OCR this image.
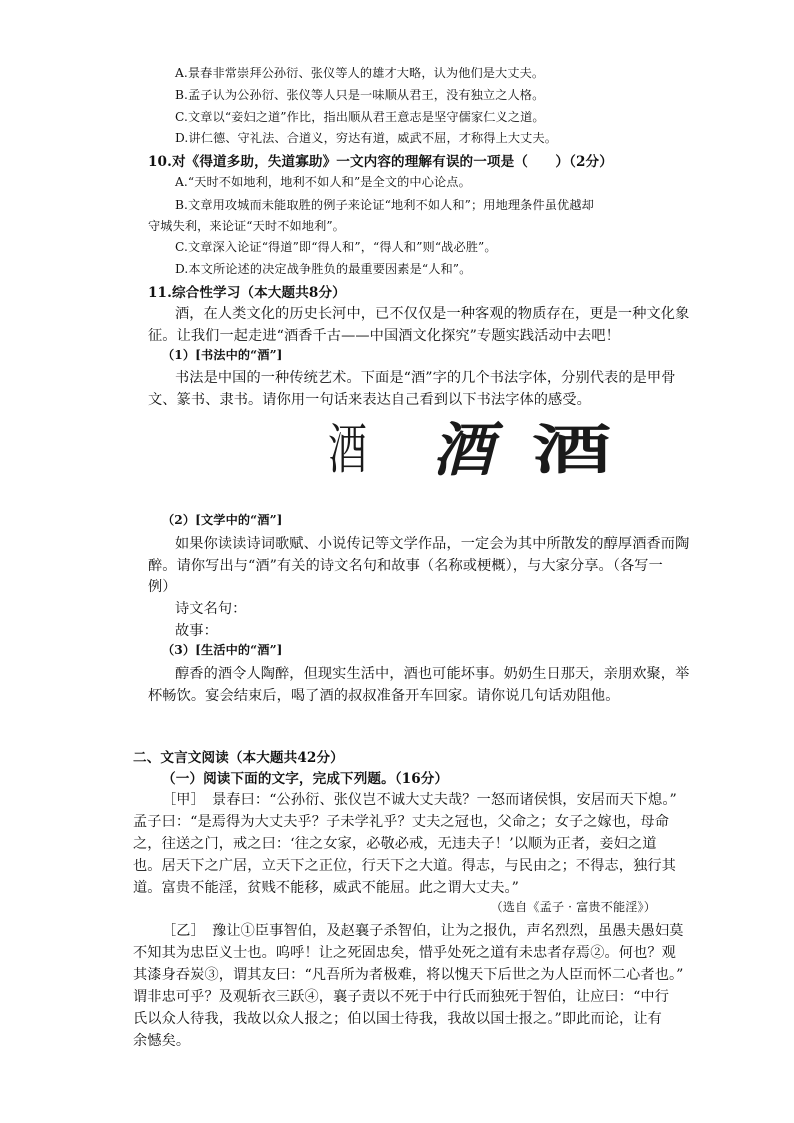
A.景春非常崇拜公孙衍、张仪等人的雄才大略，认为他们是大丈夫。
B.孟子认为公孙衍、张仪等人只是一味顺从君王，没有独立之人格。
C.文章以“妾妇之道”作比，指出顺从君王意志是坚守儒家仁义之道。
D.讲仁德、守礼法、合道义，穷达有道，威武不屈，才称得上大丈夫。
10.对《得道多助，失道寡助》一文内容的理解有误的一项是（　　）（2分）
A.“天时不如地利，地利不如人和”是全文的中心论点。
B.文章用攻城而未能取胜的例子来论证“地利不如人和”；用地理条件虽优越却
守城失利，来论证“天时不如地利”。
C.文章深入论证“得道”即“得人和”，“得人和”则“战必胜”。
D.本文所论述的决定战争胜负的最重要因素是“人和”。
11.综合性学习（本大题共8分）
酒，在人类文化的历史长河中，已不仅仅是一种客观的物质存在，更是一种文化象
征。让我们一起走进“酒香千古——中国酒文化探究”专题实践活动中去吧！
（1）[书法中的“酒”]
书法是中国的一种传统艺术。下面是“酒”字的几个书法字体，分别代表的是甲骨
文、篆书、隶书。请你用一句话来表达自己看到以下书法字体的感受。
酒 酒 酒
（2）[文学中的“酒”]
如果你读读诗词歌赋、小说传记等文学作品，一定会为其中所散发的醇厚酒香而陶
醉。请你写出与“酒”有关的诗文名句和故事（名称或梗概），与大家分享。（各写一
例）
诗文名句：
故事：
（3）[生活中的“酒”]
醇香的酒令人陶醉，但现实生活中，酒也可能坏事。奶奶生日那天，亲朋欢聚，举
杯畅饮。宴会结束后，喝了酒的叔叔准备开车回家。请你说几句话劝阻他。
二、文言文阅读（本大题共42分）
（一）阅读下面的文字，完成下列题。（16分）
［甲］　景春曰：“公孙衍、张仪岂不诚大丈夫哉？一怒而诸侯惧，安居而天下熄。”
孟子曰：“是焉得为大丈夫乎？子未学礼乎？丈夫之冠也，父命之；女子之嫁也，母命
之，往送之门，戒之曰：‘往之女家，必敬必戒，无违夫子！’以顺为正者，妾妇之道
也。居天下之广居，立天下之正位，行天下之大道。得志，与民由之；不得志，独行其
道。富贵不能淫，贫贱不能移，威武不能屈。此之谓大丈夫。”
（选自《孟子 · 富贵不能淫》）
［乙］　豫让①臣事智伯，及赵襄子杀智伯，让为之报仇，声名烈烈，虽愚夫愚妇莫
不知其为忠臣义士也。呜呼！让之死固忠矣，惜乎处死之道有未忠者存焉②。何也？观
其漆身吞炭③，谓其友曰：“凡吾所为者极难，将以愧天下后世之为人臣而怀二心者也。”
谓非忠可乎？及观斩衣三跃④，襄子责以不死于中行氏而独死于智伯，让应曰：“中行
氏以众人待我，我故以众人报之；伯以国士待我，我故以国士报之。”即此而论，让有
余憾矣。
